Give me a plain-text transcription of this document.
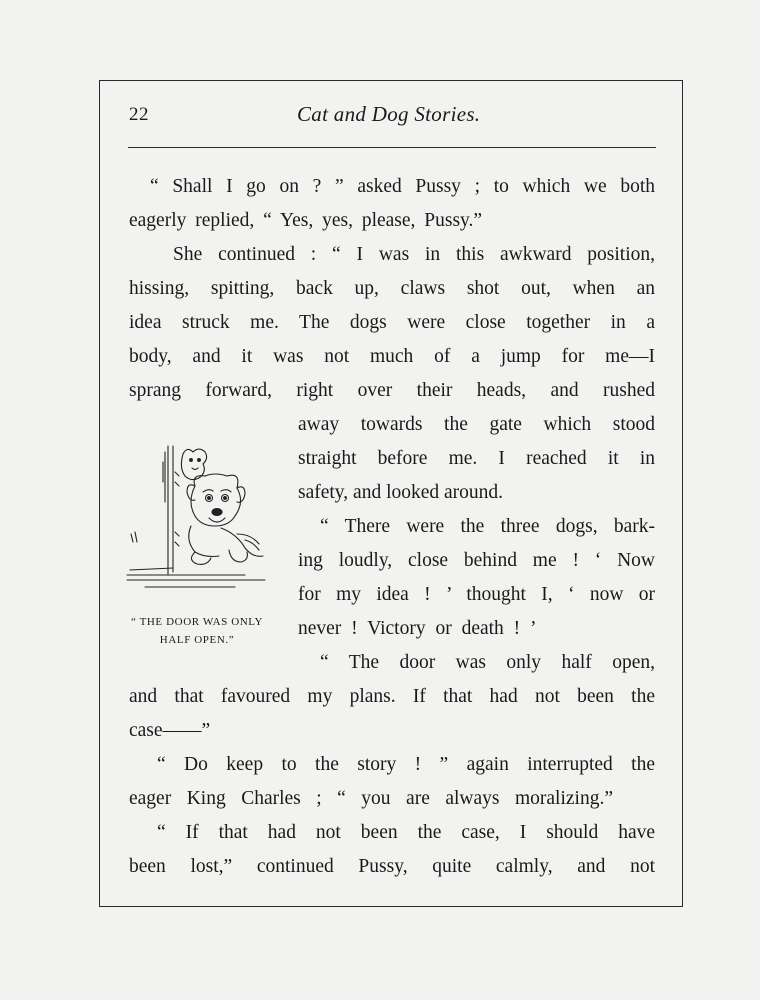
22	Cat and Dog Stories.
“ Shall I go on ? ” asked Pussy ; to which we both
eagerly replied, “ Yes, yes, please, Pussy.”
She continued : “ I was in this awkward position,
hissing, spitting, back up, claws shot out, when an
idea struck me. The dogs were close together in a
body, and it was not much of a jump for me—I
sprang forward, right over their heads, and rushed
away towards the gate which stood
straight before me. I reached it in
safety, and looked around.
“ There were the three dogs, bark-
ing loudly, close behind me ! ‘ Now
for my idea ! ’ thought I, ‘ now or
never ! Victory or death ! ’
“ The door was only half open,
and that favoured my plans. If that had not been the
case——”
“ Do keep to the story ! ” again interrupted the
eager King Charles ; “ you are always moralizing.”
“ If that had not been the case, I should have
been lost,” continued Pussy, quite calmly, and not
“ THE DOOR WAS ONLY
HALF OPEN.”
